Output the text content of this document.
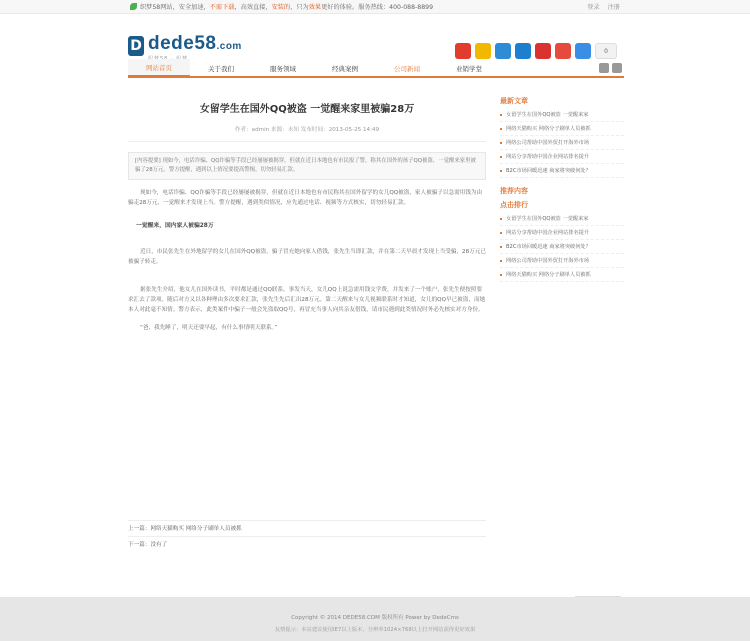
织梦58网站，安全加速， 不需下载 ，高效直接， 安装的 ，只为 效果 更好的体验。服务热线：400-088-8899	登录 注册
D dede58.com	0
网站首页	关于我们	服务领域	经典案例	公司新闻	业销学堂
女留学生在国外QQ被盗 一觉醒来家里被骗28万
作者：admin 来源：未知 发布时间：2013-05-25 14:49
[内容提要] 现如今，电话诈骗、QQ诈骗等手段已经屡屡被揭穿，但就在近日本地也有市民报了警，称其在国外的孩子QQ被盗，一觉醒来家里被骗了28万元。警方提醒，遇到以上情况要提高警惕，切勿轻易汇款。

现如今，电话诈骗、QQ诈骗等手段已经屡屡被揭穿，但就在近日本地也有市民称其在国外留学的女儿QQ被盗，家人被骗子以急需用钱为由骗走28万元，一觉醒来才发现上当。警方提醒，遇到类似情况，应先通过电话、视频等方式核实，切勿轻易汇款。

一觉醒来，国内家人被骗28万

近日，市民张先生在外地留学的女儿在国外QQ被盗，骗子冒充她向家人借钱，张先生当即汇款，并在第二天早晨才发现上当受骗，28万元已被骗子转走。

据张先生介绍，他女儿在国外读书，平时都是通过QQ联系。事发当天，女儿QQ上说急需用钱交学费，并发来了一个账户，张先生便按照要求汇去了款项。随后对方又以各种理由多次要求汇款，张先生先后汇出28万元。第二天醒来与女儿视频联系时才知道，女儿的QQ早已被盗，而她本人对此毫不知情。警方表示，此类案件中骗子一般会先盗取QQ号，再冒充当事人向其亲友借钱，请市民遇到此类情况时务必先核实对方身份。

“爸，我先睡了，明天还要早起，有什么事情明天联系。”

上一篇：网络天猫购买 网络分子刷单人员被抓
下一篇：没有了
最新文章
女留学生在国外QQ被盗 一觉醒来家
网络天猫购买 网络分子刷单人员被抓
网络公司帮助中国外贸打开海外市场
网站分享帮助中国企业网站排名提升
B2C市场回暖迅速 商家将突破何处？
推荐内容
点击排行
女留学生在国外QQ被盗 一觉醒来家
网站分享帮助中国企业网站排名提升
B2C市场回暖迅速 商家将突破何处？
网络公司帮助中国外贸打开海外市场
网络天猫购买 网络分子刷单人员被抓
Copyright © 2014 DEDE58.COM 版权所有 Power by DedeCms
友情提示：本站建议使用IE7以上版本，分辨率1024×768以上打开网站获得更好效果
